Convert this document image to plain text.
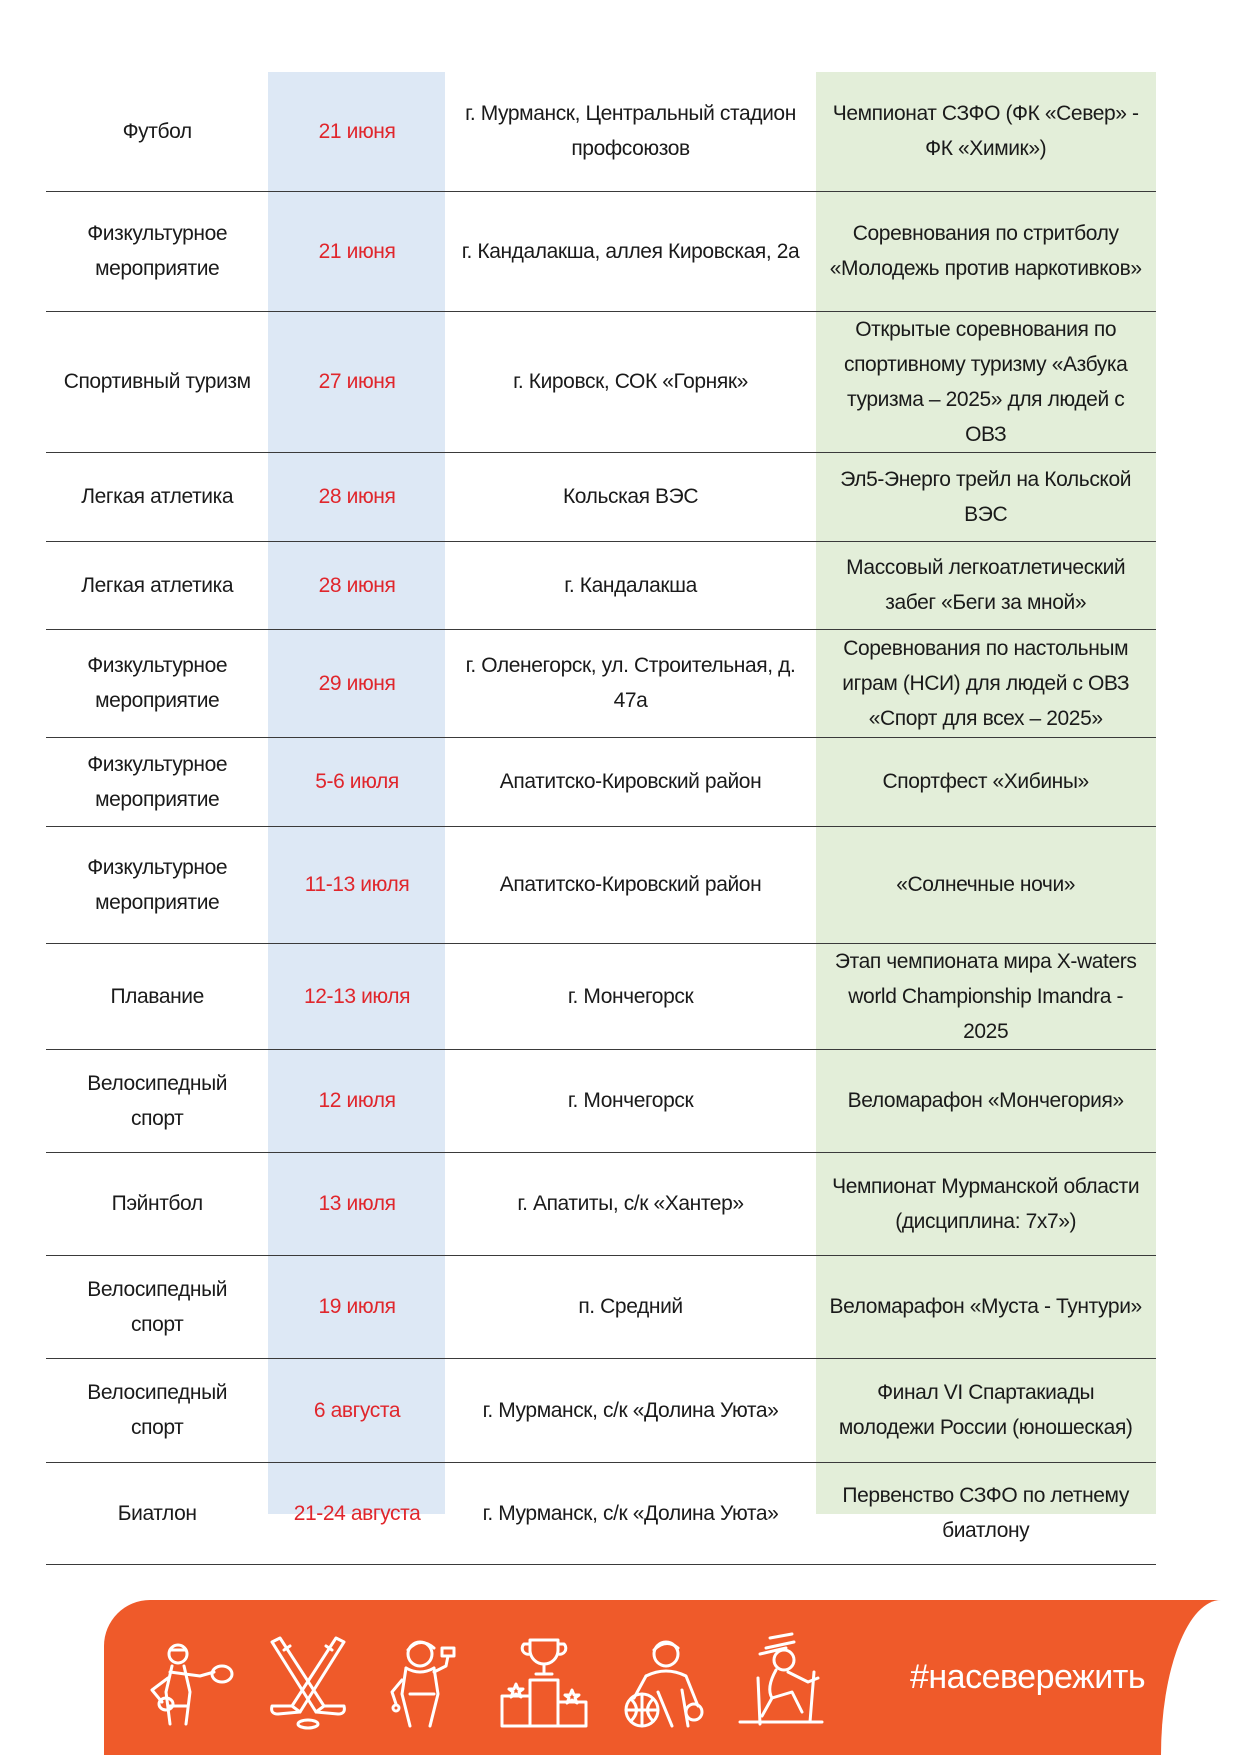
Футбол	21 июня	г. Мурманск, Центральный стадион профсоюзов	Чемпионат СЗФО (ФК «Север» - ФК «Химик»)
Физкультурное мероприятие	21 июня	г. Кандалакша, аллея Кировская, 2а	Соревнования по стритболу «Молодежь против наркотивков»
Спортивный туризм	27 июня	г. Кировск, СОК «Горняк»	Открытые соревнования по спортивному туризму «Азбука туризма – 2025» для людей с ОВЗ
Легкая атлетика	28 июня	Кольская ВЭС	Эл5-Энерго трейл на Кольской ВЭС
Легкая атлетика	28 июня	г. Кандалакша	Массовый легкоатлетический забег «Беги за мной»
Физкультурное мероприятие	29 июня	г. Оленегорск, ул. Строительная, д. 47а	Соревнования по настольным играм (НСИ) для людей с ОВЗ «Спорт для всех – 2025»
Физкультурное мероприятие	5-6 июля	Апатитско-Кировский район	Спортфест «Хибины»
Физкультурное мероприятие	11-13 июля	Апатитско-Кировский район	«Солнечные ночи»
Плавание	12-13 июля	г. Мончегорск	Этап чемпионата мира X-waters world Championship Imandra - 2025
Велосипедный спорт	12 июля	г. Мончегорск	Веломарафон «Мончегория»
Пэйнтбол	13 июля	г. Апатиты, с/к «Хантер»	Чемпионат Мурманской области (дисциплина: 7х7»)
Велосипедный спорт	19 июля	п. Средний	Веломарафон «Муста - Тунтури»
Велосипедный спорт	6 августа	г. Мурманск, с/к «Долина Уюта»	Финал VI Спартакиады молодежи России (юношеская)
Биатлон	21-24 августа	г. Мурманск, с/к «Долина Уюта»	Первенство СЗФО по летнему биатлону
#насевережить
